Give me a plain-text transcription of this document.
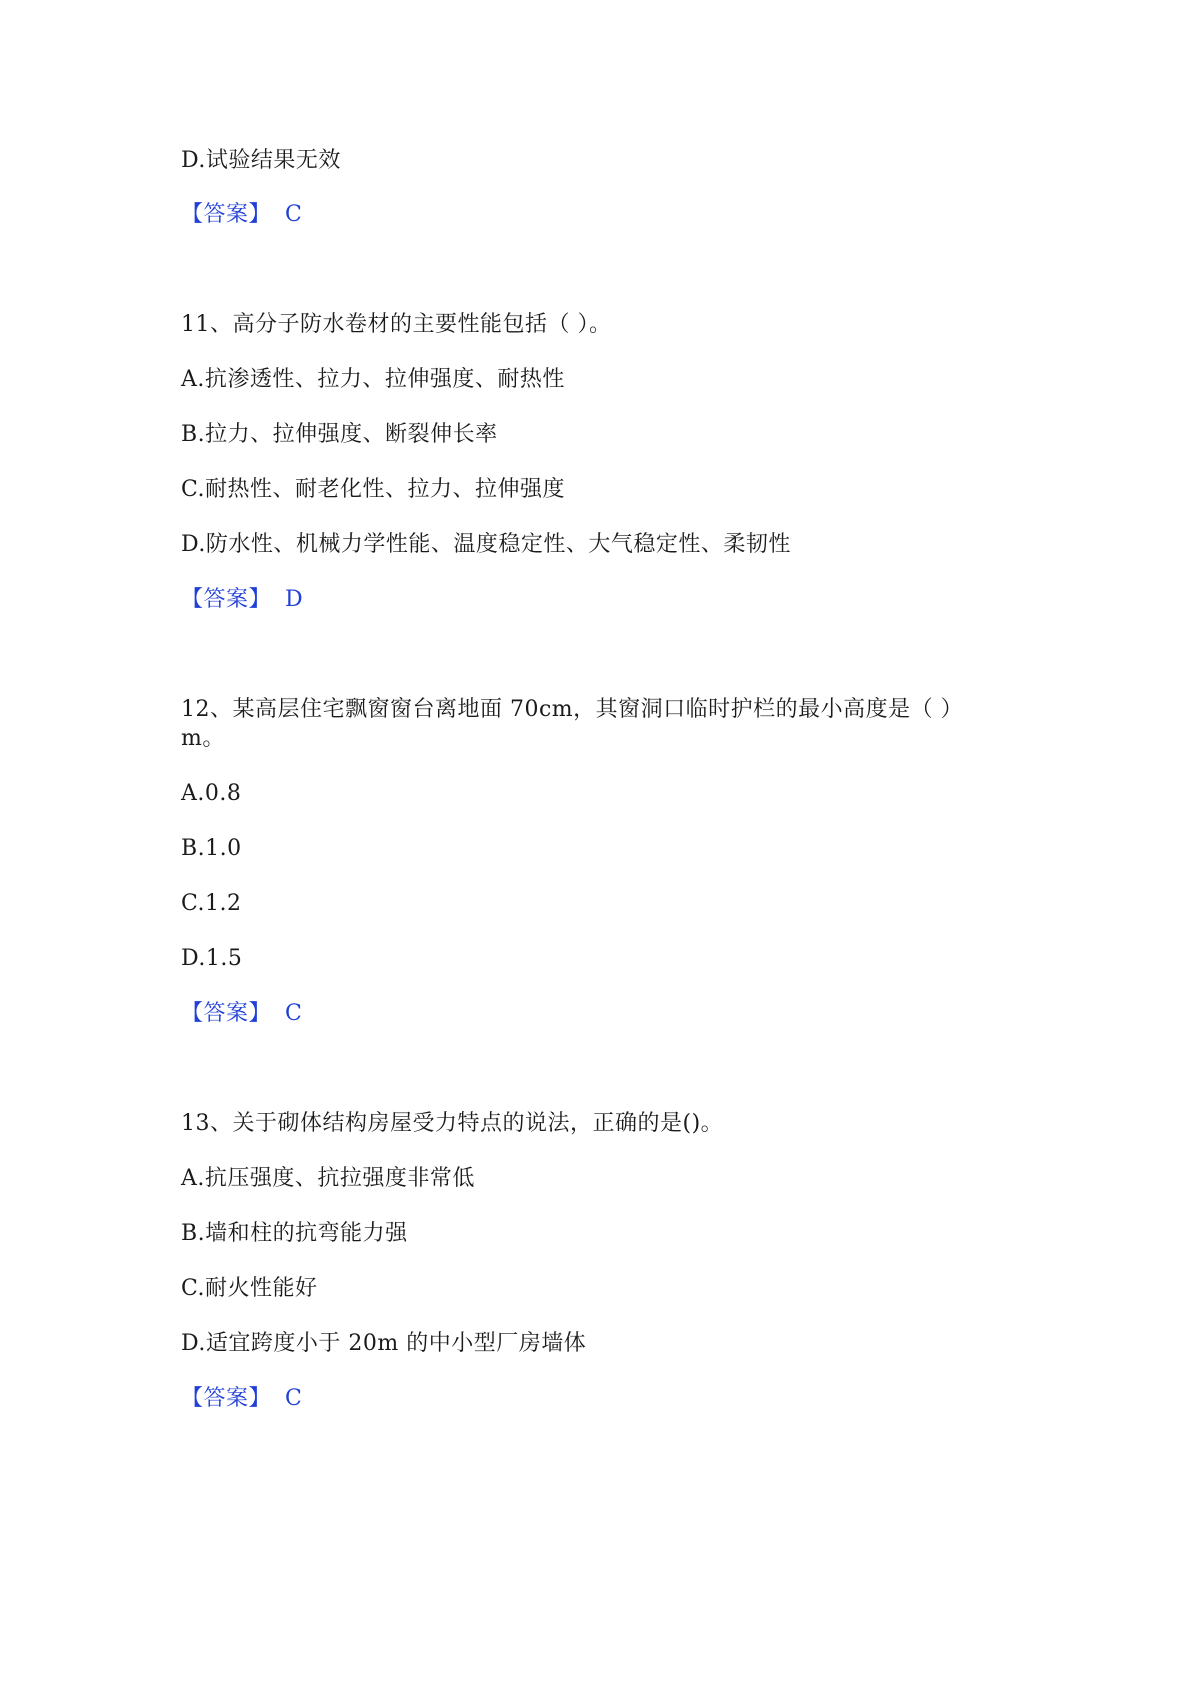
D.试验结果无效
【答案】 C
11、高分子防水卷材的主要性能包括（ ）。
A.抗渗透性、拉力、拉伸强度、耐热性
B.拉力、拉伸强度、断裂伸长率
C.耐热性、耐老化性、拉力、拉伸强度
D.防水性、机械力学性能、温度稳定性、大气稳定性、柔韧性
【答案】 D
12、某高层住宅飘窗窗台离地面 70cm，其窗洞口临时护栏的最小高度是（ ）
m。
A.0.8
B.1.0
C.1.2
D.1.5
【答案】 C
13、关于砌体结构房屋受力特点的说法，正确的是()。
A.抗压强度、抗拉强度非常低
B.墙和柱的抗弯能力强
C.耐火性能好
D.适宜跨度小于 20m 的中小型厂房墙体
【答案】 C
